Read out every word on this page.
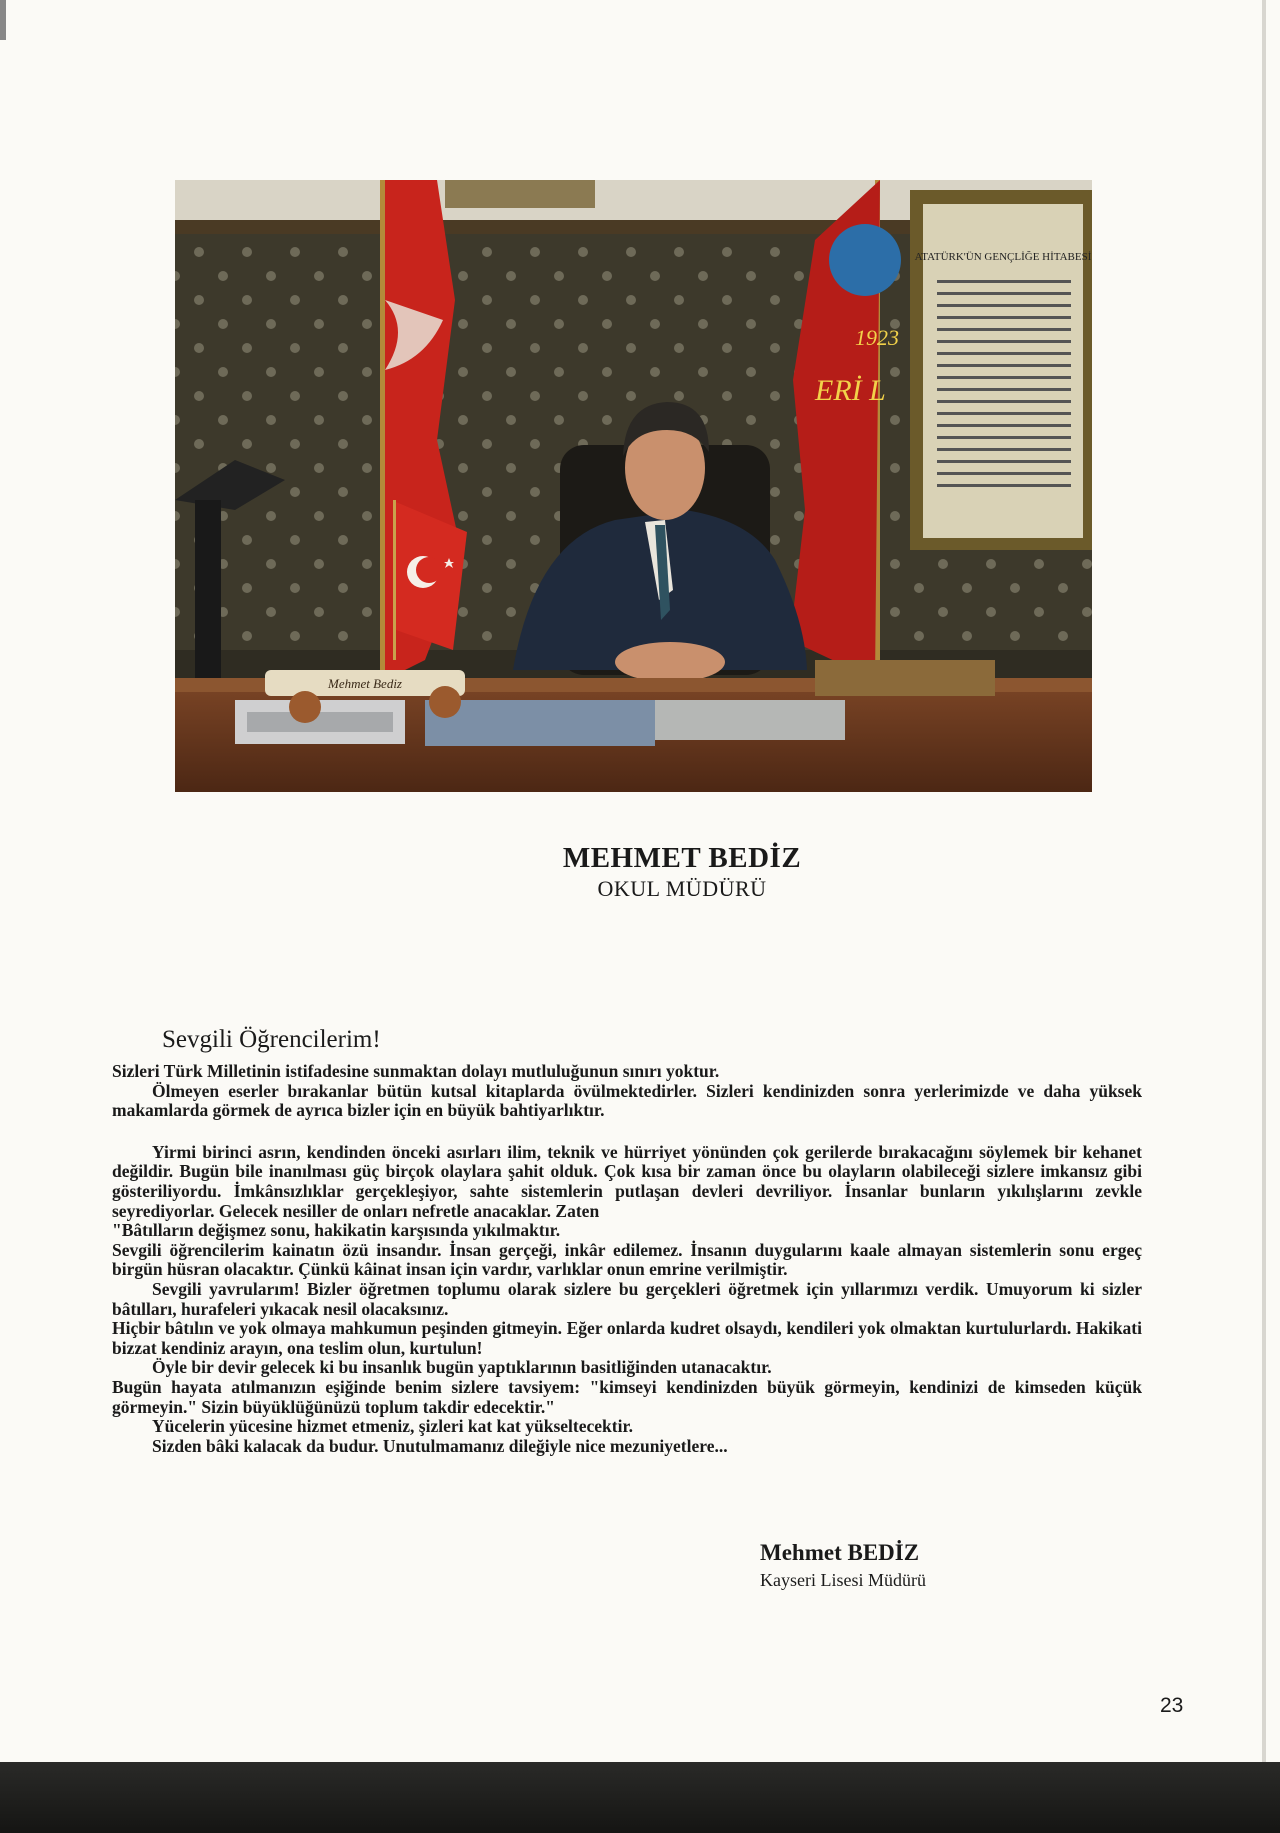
ATATÜRK'ÜN GENÇLİĞE HİTABESİ
1923
ERİ L
Mehmet Bediz
MEHMET BEDİZ
OKUL MÜDÜRÜ
Sevgili Öğrencilerim!

Sizleri Türk Milletinin istifadesine sunmaktan dolayı mutluluğunun sınırı yoktur.

Ölmeyen eserler bırakanlar bütün kutsal kitaplarda övülmektedirler. Sizleri kendinizden sonra yerlerimizde ve daha yüksek makamlarda görmek de ayrıca bizler için en büyük bahtiyarlıktır.

Yirmi birinci asrın, kendinden önceki asırları ilim, teknik ve hürriyet yönünden çok gerilerde bırakacağını söylemek bir kehanet değildir. Bugün bile inanılması güç birçok olaylara şahit olduk. Çok kısa bir zaman önce bu olayların olabileceği sizlere imkansız gibi gösteriliyordu. İmkânsızlıklar gerçekleşiyor, sahte sistemlerin putlaşan devleri devriliyor. İnsanlar bunların yıkılışlarını zevkle seyrediyorlar. Gelecek nesiller de onları nefretle anacaklar. Zaten

"Bâtılların değişmez sonu, hakikatin karşısında yıkılmaktır.

Sevgili öğrencilerim kainatın özü insandır. İnsan gerçeği, inkâr edilemez. İnsanın duygularını kaale almayan sistemlerin sonu ergeç birgün hüsran olacaktır. Çünkü kâinat insan için vardır, varlıklar onun emrine verilmiştir.

Sevgili yavrularım! Bizler öğretmen toplumu olarak sizlere bu gerçekleri öğretmek için yıllarımızı verdik. Umuyorum ki sizler bâtılları, hurafeleri yıkacak nesil olacaksınız.

Hiçbir bâtılın ve yok olmaya mahkumun peşinden gitmeyin. Eğer onlarda kudret olsaydı, kendileri yok olmaktan kurtulurlardı. Hakikati bizzat kendiniz arayın, ona teslim olun, kurtulun!

Öyle bir devir gelecek ki bu insanlık bugün yaptıklarının basitliğinden utanacaktır.

Bugün hayata atılmanızın eşiğinde benim sizlere tavsiyem: "kimseyi kendinizden büyük görmeyin, kendinizi de kimseden küçük görmeyin." Sizin büyüklüğünüzü toplum takdir edecektir."

Yücelerin yücesine hizmet etmeniz, şizleri kat kat yükseltecektir.

Sizden bâki kalacak da budur. Unutulmamanız dileğiyle nice mezuniyetlere...

Mehmet BEDİZ
Kayseri Lisesi Müdürü
23
